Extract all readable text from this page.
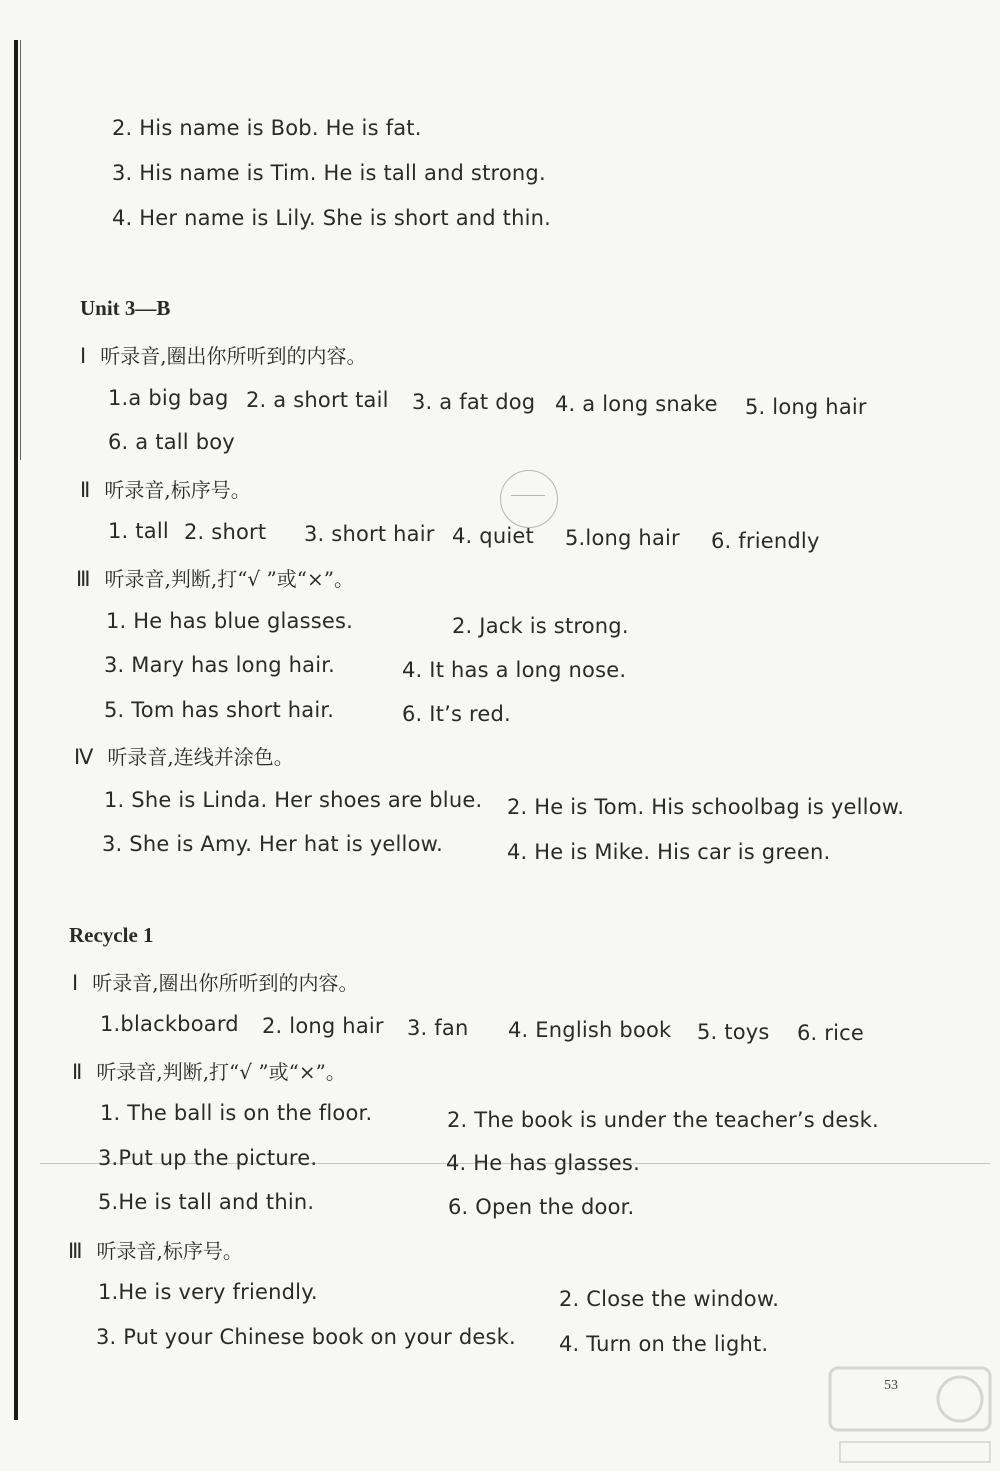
2. His name is Bob. He is fat.
3. His name is Tim. He is tall and strong.
4. Her name is Lily. She is short and thin.
Unit 3—B
Ⅰ 听录音,圈出你所听到的内容。
1.a big bag 2. a short tail 3. a fat dog 4. a long snake 5. long hair
6. a tall boy
Ⅱ 听录音,标序号。
1. tall 2. short 3. short hair 4. quiet 5.long hair 6. friendly
Ⅲ 听录音,判断,打“√ ”或“×”。
1. He has blue glasses.	2. Jack is strong.
3. Mary has long hair.	4. It has a long nose.
5. Tom has short hair.	6. It’s red.
Ⅳ 听录音,连线并涂色。
1. She is Linda. Her shoes are blue. 2. He is Tom. His schoolbag is yellow.
3. She is Amy. Her hat is yellow.	4. He is Mike. His car is green.
Recycle 1
Ⅰ 听录音,圈出你所听到的内容。
1.blackboard 2. long hair 3. fan 4. English book 5. toys 6. rice
Ⅱ 听录音,判断,打“√ ”或“×”。
1. The ball is on the floor.	2. The book is under the teacher’s desk.
3.Put up the picture.	4. He has glasses.
5.He is tall and thin.	6. Open the door.
Ⅲ 听录音,标序号。
1.He is very friendly.	2. Close the window.
3. Put your Chinese book on your desk. 4. Turn on the light.
53
